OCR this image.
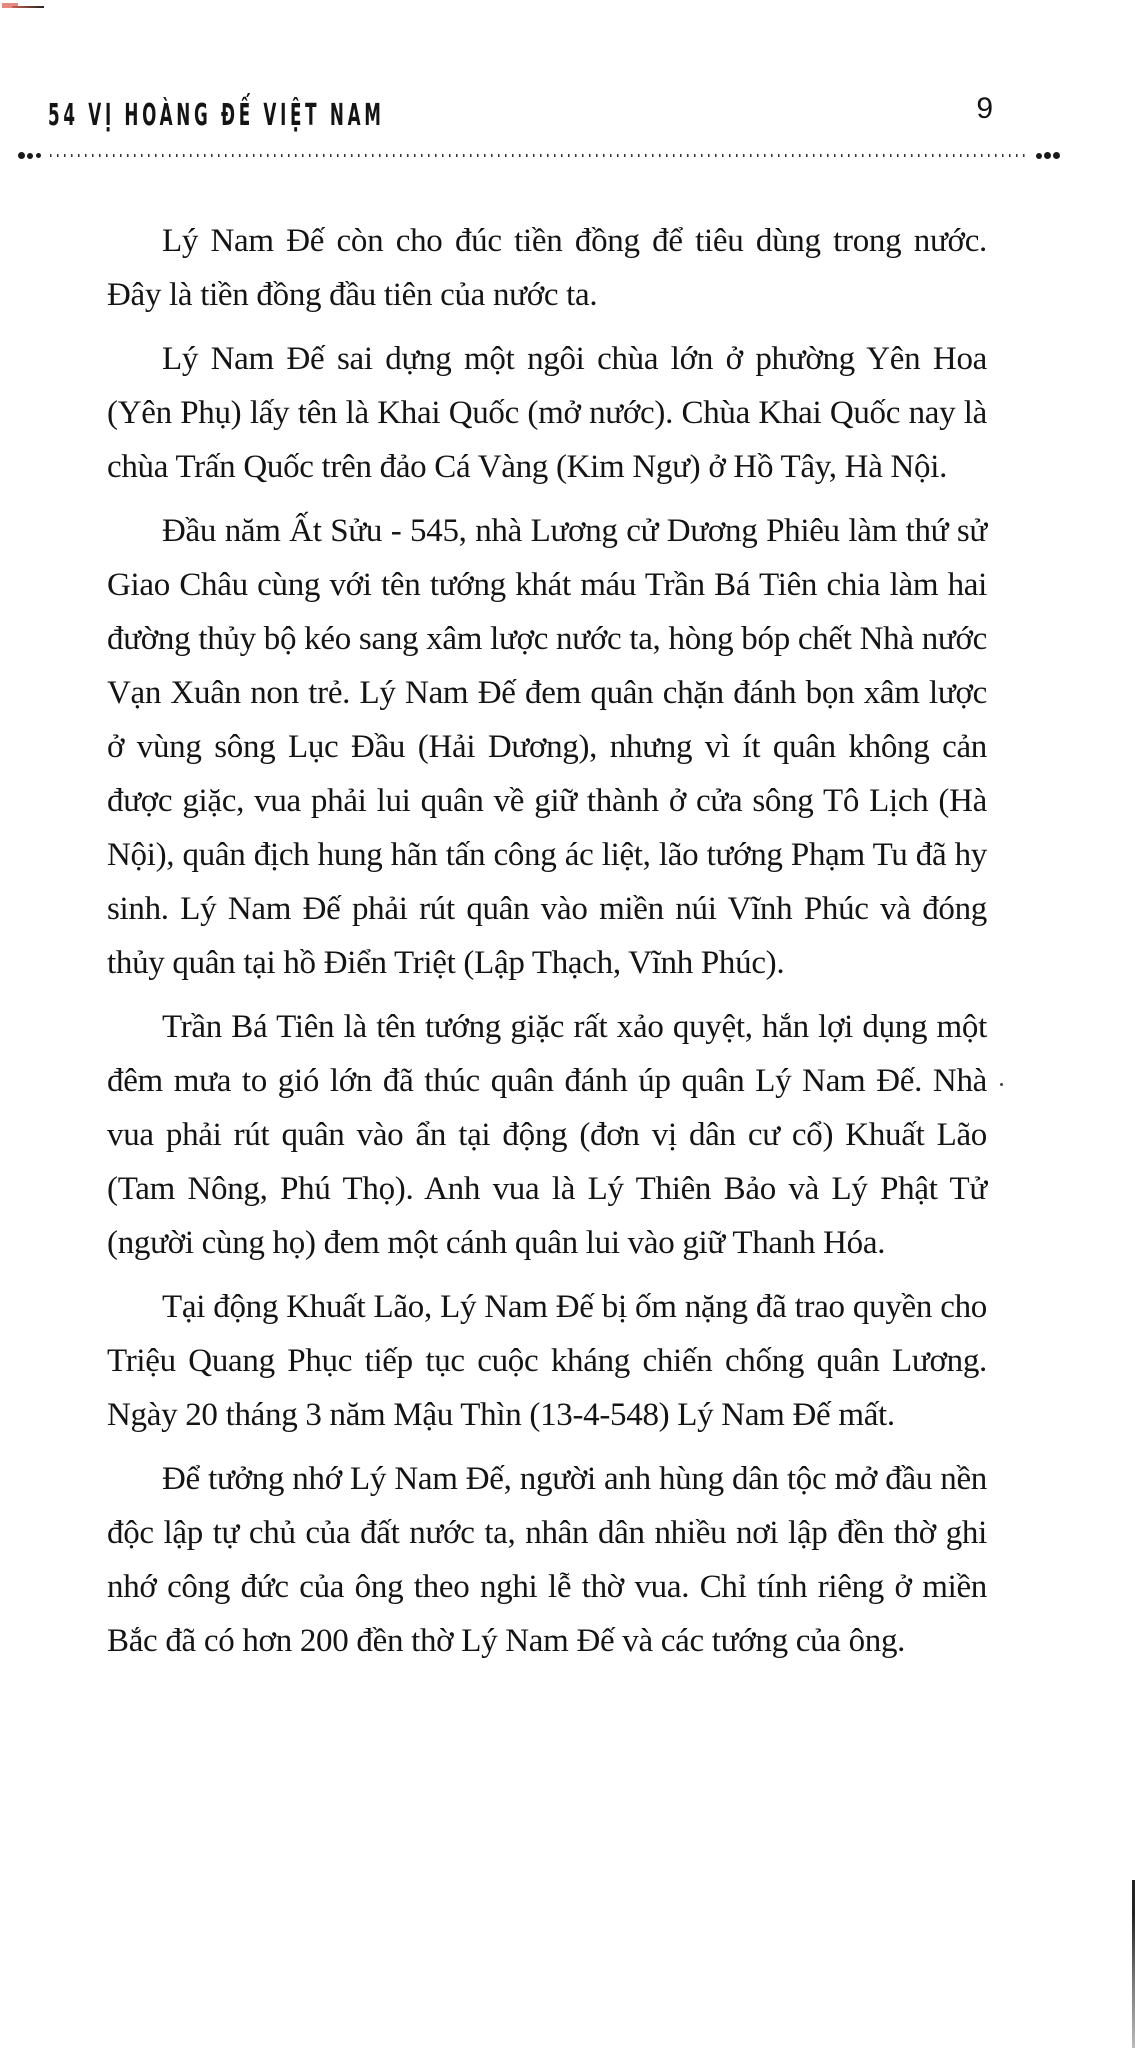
54 VỊ HOÀNG ĐẾ VIỆT NAM	9

Lý Nam Đế còn cho đúc tiền đồng để tiêu dùng trong nước. Đây là tiền đồng đầu tiên của nước ta.

Lý Nam Đế sai dựng một ngôi chùa lớn ở phường Yên Hoa (Yên Phụ) lấy tên là Khai Quốc (mở nước). Chùa Khai Quốc nay là chùa Trấn Quốc trên đảo Cá Vàng (Kim Ngư) ở Hồ Tây, Hà Nội.

Đầu năm Ất Sửu - 545, nhà Lương cử Dương Phiêu làm thứ sử Giao Châu cùng với tên tướng khát máu Trần Bá Tiên chia làm hai đường thủy bộ kéo sang xâm lược nước ta, hòng bóp chết Nhà nước Vạn Xuân non trẻ. Lý Nam Đế đem quân chặn đánh bọn xâm lược ở vùng sông Lục Đầu (Hải Dương), nhưng vì ít quân không cản được giặc, vua phải lui quân về giữ thành ở cửa sông Tô Lịch (Hà Nội), quân địch hung hãn tấn công ác liệt, lão tướng Phạm Tu đã hy sinh. Lý Nam Đế phải rút quân vào miền núi Vĩnh Phúc và đóng thủy quân tại hồ Điển Triệt (Lập Thạch, Vĩnh Phúc).

Trần Bá Tiên là tên tướng giặc rất xảo quyệt, hắn lợi dụng một đêm mưa to gió lớn đã thúc quân đánh úp quân Lý Nam Đế. Nhà vua phải rút quân vào ẩn tại động (đơn vị dân cư cổ) Khuất Lão (Tam Nông, Phú Thọ). Anh vua là Lý Thiên Bảo và Lý Phật Tử (người cùng họ) đem một cánh quân lui vào giữ Thanh Hóa.

Tại động Khuất Lão, Lý Nam Đế bị ốm nặng đã trao quyền cho Triệu Quang Phục tiếp tục cuộc kháng chiến chống quân Lương. Ngày 20 tháng 3 năm Mậu Thìn (13-4-548) Lý Nam Đế mất.

Để tưởng nhớ Lý Nam Đế, người anh hùng dân tộc mở đầu nền độc lập tự chủ của đất nước ta, nhân dân nhiều nơi lập đền thờ ghi nhớ công đức của ông theo nghi lễ thờ vua. Chỉ tính riêng ở miền Bắc đã có hơn 200 đền thờ Lý Nam Đế và các tướng của ông.
